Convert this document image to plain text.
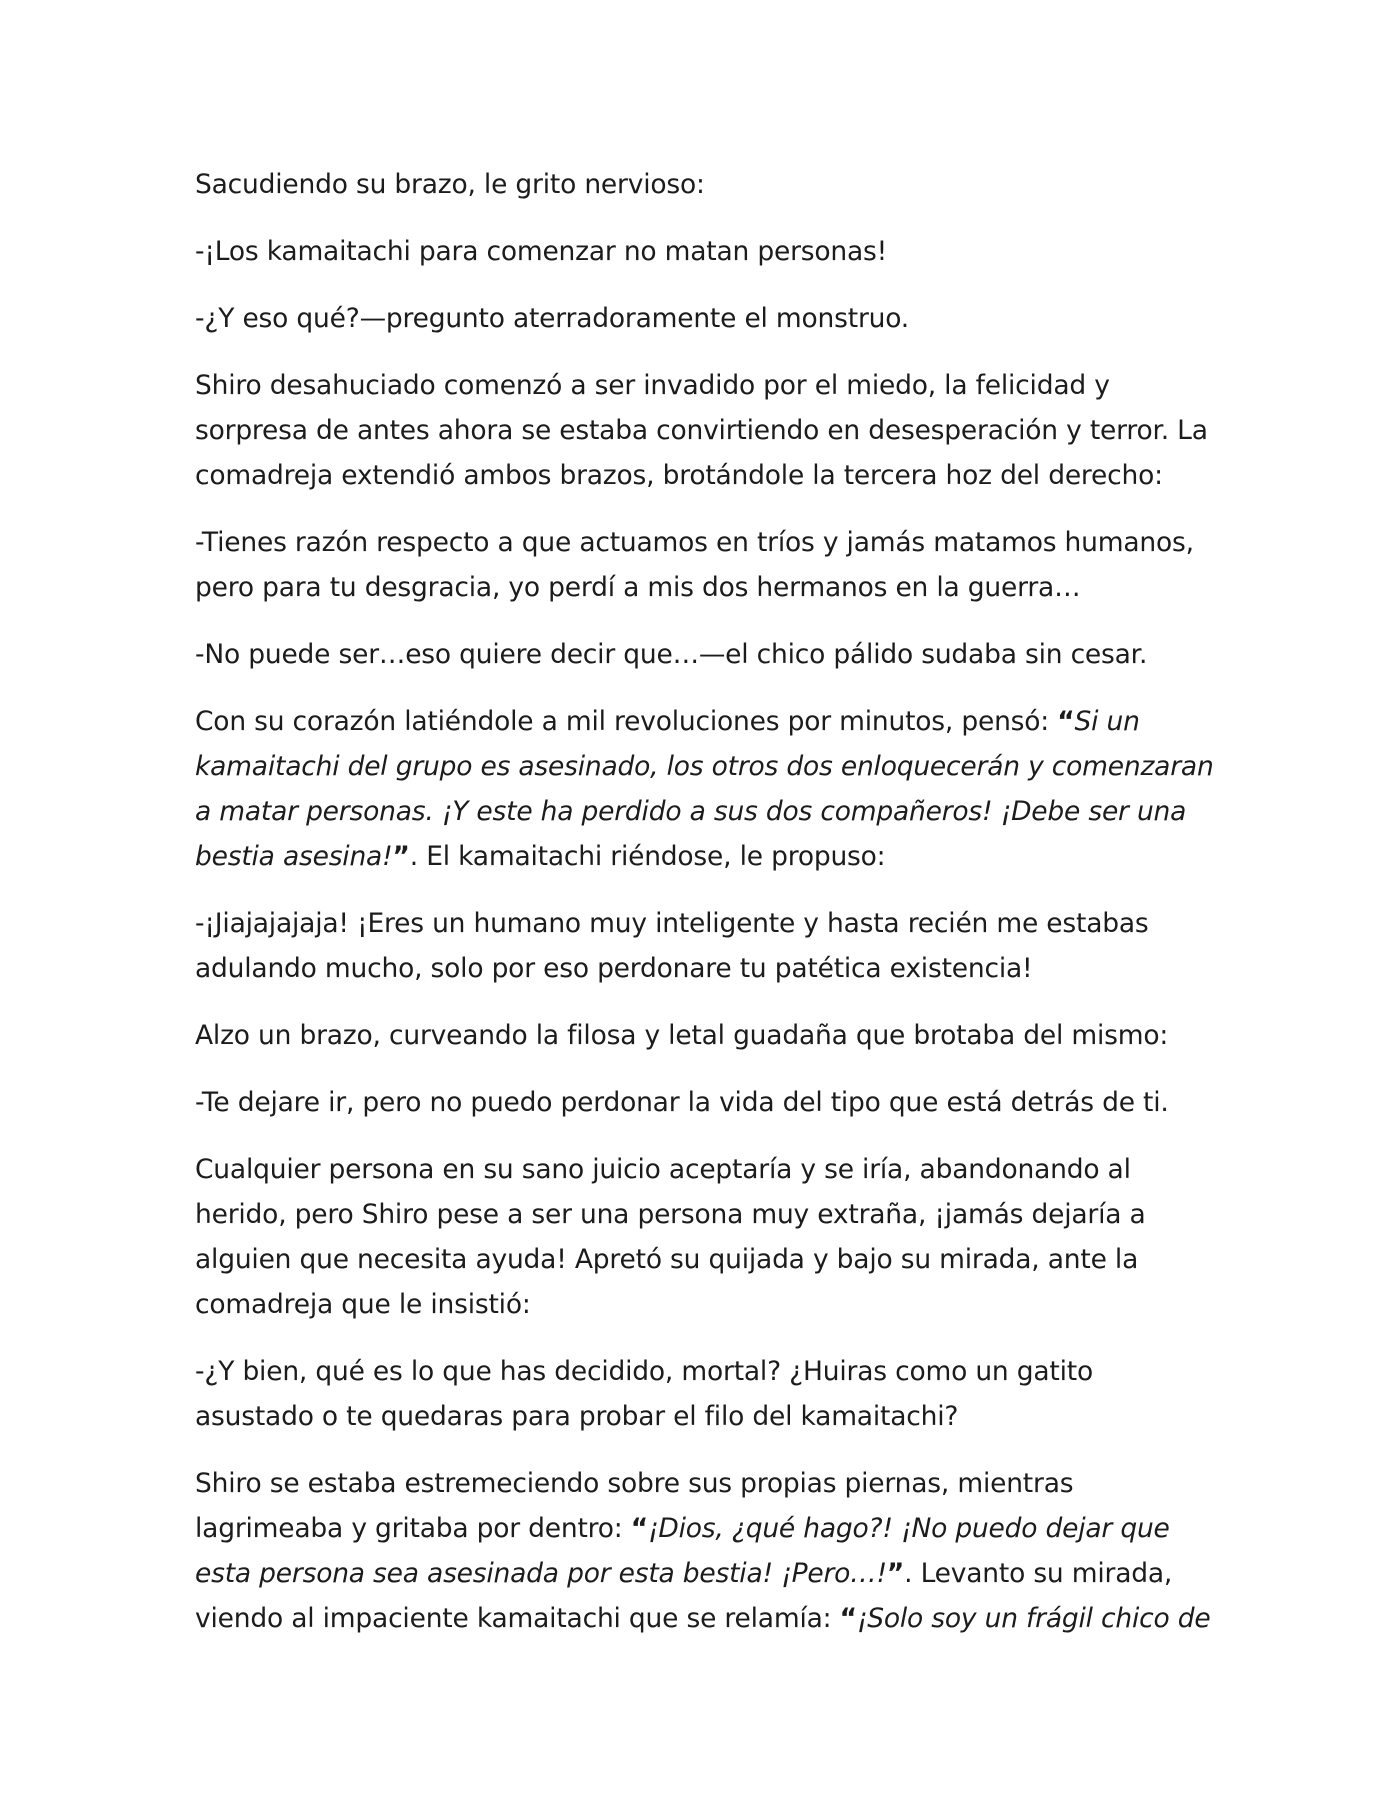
Sacudiendo su brazo, le grito nervioso:

-¡Los kamaitachi para comenzar no matan personas!

-¿Y eso qué?—pregunto aterradoramente el monstruo.

Shiro desahuciado comenzó a ser invadido por el miedo, la felicidad y
sorpresa de antes ahora se estaba convirtiendo en desesperación y terror. La
comadreja extendió ambos brazos, brotándole la tercera hoz del derecho:

-Tienes razón respecto a que actuamos en tríos y jamás matamos humanos,
pero para tu desgracia, yo perdí a mis dos hermanos en la guerra…

-No puede ser…eso quiere decir que…—el chico pálido sudaba sin cesar.

Con su corazón latiéndole a mil revoluciones por minutos, pensó: “Si un
kamaitachi del grupo es asesinado, los otros dos enloquecerán y comenzaran
a matar personas. ¡Y este ha perdido a sus dos compañeros! ¡Debe ser una
bestia asesina!”. El kamaitachi riéndose, le propuso:

-¡Jiajajajaja! ¡Eres un humano muy inteligente y hasta recién me estabas
adulando mucho, solo por eso perdonare tu patética existencia!

Alzo un brazo, curveando la filosa y letal guadaña que brotaba del mismo:

-Te dejare ir, pero no puedo perdonar la vida del tipo que está detrás de ti.

Cualquier persona en su sano juicio aceptaría y se iría, abandonando al
herido, pero Shiro pese a ser una persona muy extraña, ¡jamás dejaría a
alguien que necesita ayuda! Apretó su quijada y bajo su mirada, ante la
comadreja que le insistió:

-¿Y bien, qué es lo que has decidido, mortal? ¿Huiras como un gatito
asustado o te quedaras para probar el filo del kamaitachi?

Shiro se estaba estremeciendo sobre sus propias piernas, mientras
lagrimeaba y gritaba por dentro: “¡Dios, ¿qué hago?! ¡No puedo dejar que
esta persona sea asesinada por esta bestia! ¡Pero…!”. Levanto su mirada,
viendo al impaciente kamaitachi que se relamía: “¡Solo soy un frágil chico de
